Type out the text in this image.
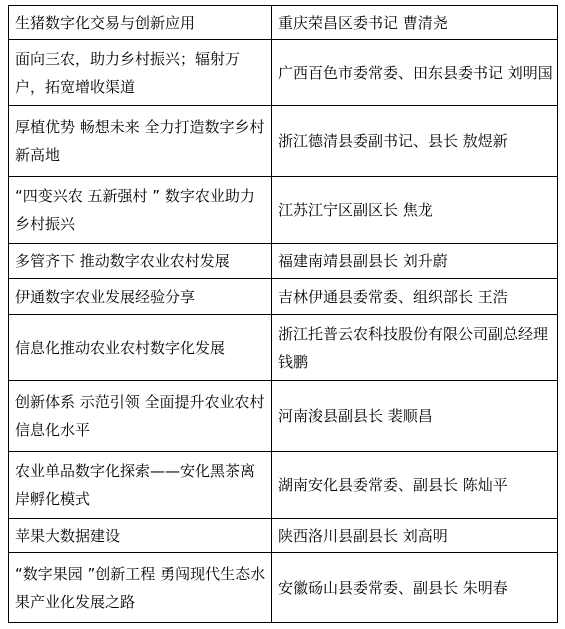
生猪数字化交易与创新应用	重庆荣昌区委书记 曹清尧
面向三农，助力乡村振兴；辐射万户，拓宽增收渠道	广西百色市委常委、田东县委书记 刘明国
厚植优势 畅想未来 全力打造数字乡村新高地	浙江德清县委副书记、县长 敖煜新
“四变兴农 五新强村 ” 数字农业助力乡村振兴	江苏江宁区副区长 焦龙
多管齐下 推动数字农业农村发展	福建南靖县副县长 刘升蔚
伊通数字农业发展经验分享	吉林伊通县委常委、组织部长 王浩
信息化推动农业农村数字化发展	浙江托普云农科技股份有限公司副总经理 钱鹏
创新体系 示范引领 全面提升农业农村信息化水平	河南浚县副县长 裴顺昌
农业单品数字化探索——安化黑茶离岸孵化模式	湖南安化县委常委、副县长 陈灿平
苹果大数据建设	陕西洛川县副县长 刘高明
“数字果园 ”创新工程 勇闯现代生态水果产业化发展之路	安徽砀山县委常委、副县长 朱明春
